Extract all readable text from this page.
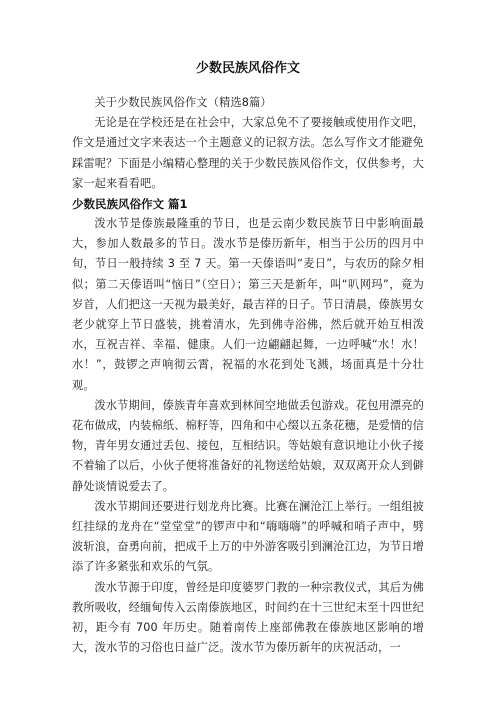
少数民族风俗作文

关于少数民族风俗作文（精选8篇）

无论是在学校还是在社会中，大家总免不了要接触或使用作文吧，作文是通过文字来表达一个主题意义的记叙方法。怎么写作文才能避免踩雷呢？下面是小编精心整理的关于少数民族风俗作文，仅供参考，大家一起来看看吧。

少数民族风俗作文 篇1

泼水节是傣族最隆重的节日，也是云南少数民族节日中影响面最大，参加人数最多的节日。泼水节是傣历新年，相当于公历的四月中旬，节日一般持续 3 至 7 天。第一天傣语叫“麦日”，与农历的除夕相似；第二天傣语叫“恼日”（空日）；第三天是新年，叫“叭网玛”，竟为岁首，人们把这一天视为最美好，最吉祥的日子。节日清晨，傣族男女老少就穿上节日盛装，挑着清水，先到佛寺浴佛，然后就开始互相泼水，互祝吉祥、幸福、健康。人们一边翩翩起舞，一边呼喊“水！水！水！”，鼓锣之声响彻云霄，祝福的水花到处飞溅，场面真是十分壮观。

泼水节期间，傣族青年喜欢到林间空地做丢包游戏。花包用漂亮的花布做成，内装棉纸、棉籽等，四角和中心缀以五条花穗，是爱情的信物，青年男女通过丢包、接包，互相结识。等姑娘有意识地让小伙子接不着输了以后，小伙子便将准备好的礼物送给姑娘，双双离开众人到僻静处谈情说爱去了。

泼水节期间还要进行划龙舟比赛。比赛在澜沧江上举行。一组组披红挂绿的龙舟在“堂堂堂”的锣声中和“嗨嗨嗨”的呼喊和哨子声中，劈波斩浪，奋勇向前，把成千上万的中外游客吸引到澜沧江边，为节日增添了许多紧张和欢乐的气氛。

泼水节源于印度，曾经是印度婆罗门教的一种宗教仪式，其后为佛教所吸收，经缅甸传入云南傣族地区，时间约在十三世纪末至十四世纪初，距今有 700 年历史。随着南传上座部佛教在傣族地区影响的增大，泼水节的习俗也日益广泛。泼水节为傣历新年的庆祝活动，一
